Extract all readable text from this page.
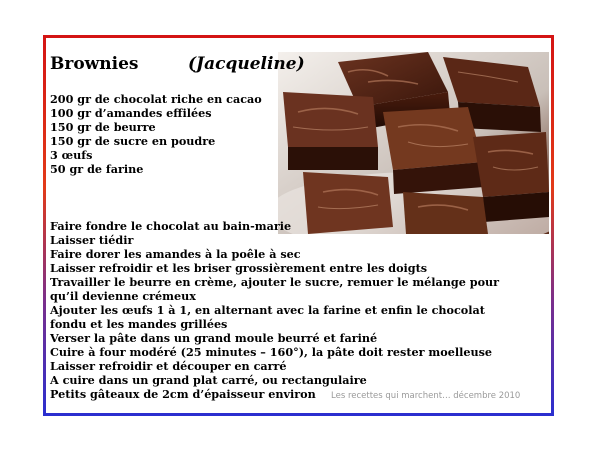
Brownies	(Jacqueline)
200 gr de chocolat riche en cacao
100 gr d’amandes effilées
150 gr de beurre
150 gr de sucre en poudre
3 œufs
50 gr de farine
Faire fondre le chocolat au bain-marie
Laisser tiédir
Faire dorer les amandes à la poêle à sec
Laisser refroidir et les briser grossièrement entre les doigts
Travailler le beurre en crème, ajouter le sucre, remuer le mélange pour
qu’il devienne crémeux
Ajouter les œufs 1 à 1, en alternant avec la farine et enfin le chocolat
fondu et les mandes grillées
Verser la pâte dans un grand moule beurré et fariné
Cuire à four modéré (25 minutes – 160°), la pâte doit rester moelleuse
Laisser refroidir et découper en carré
A cuire dans un grand plat carré, ou rectangulaire
Petits gâteaux de 2cm d’épaisseur environ	Les recettes qui marchent… décembre 2010
